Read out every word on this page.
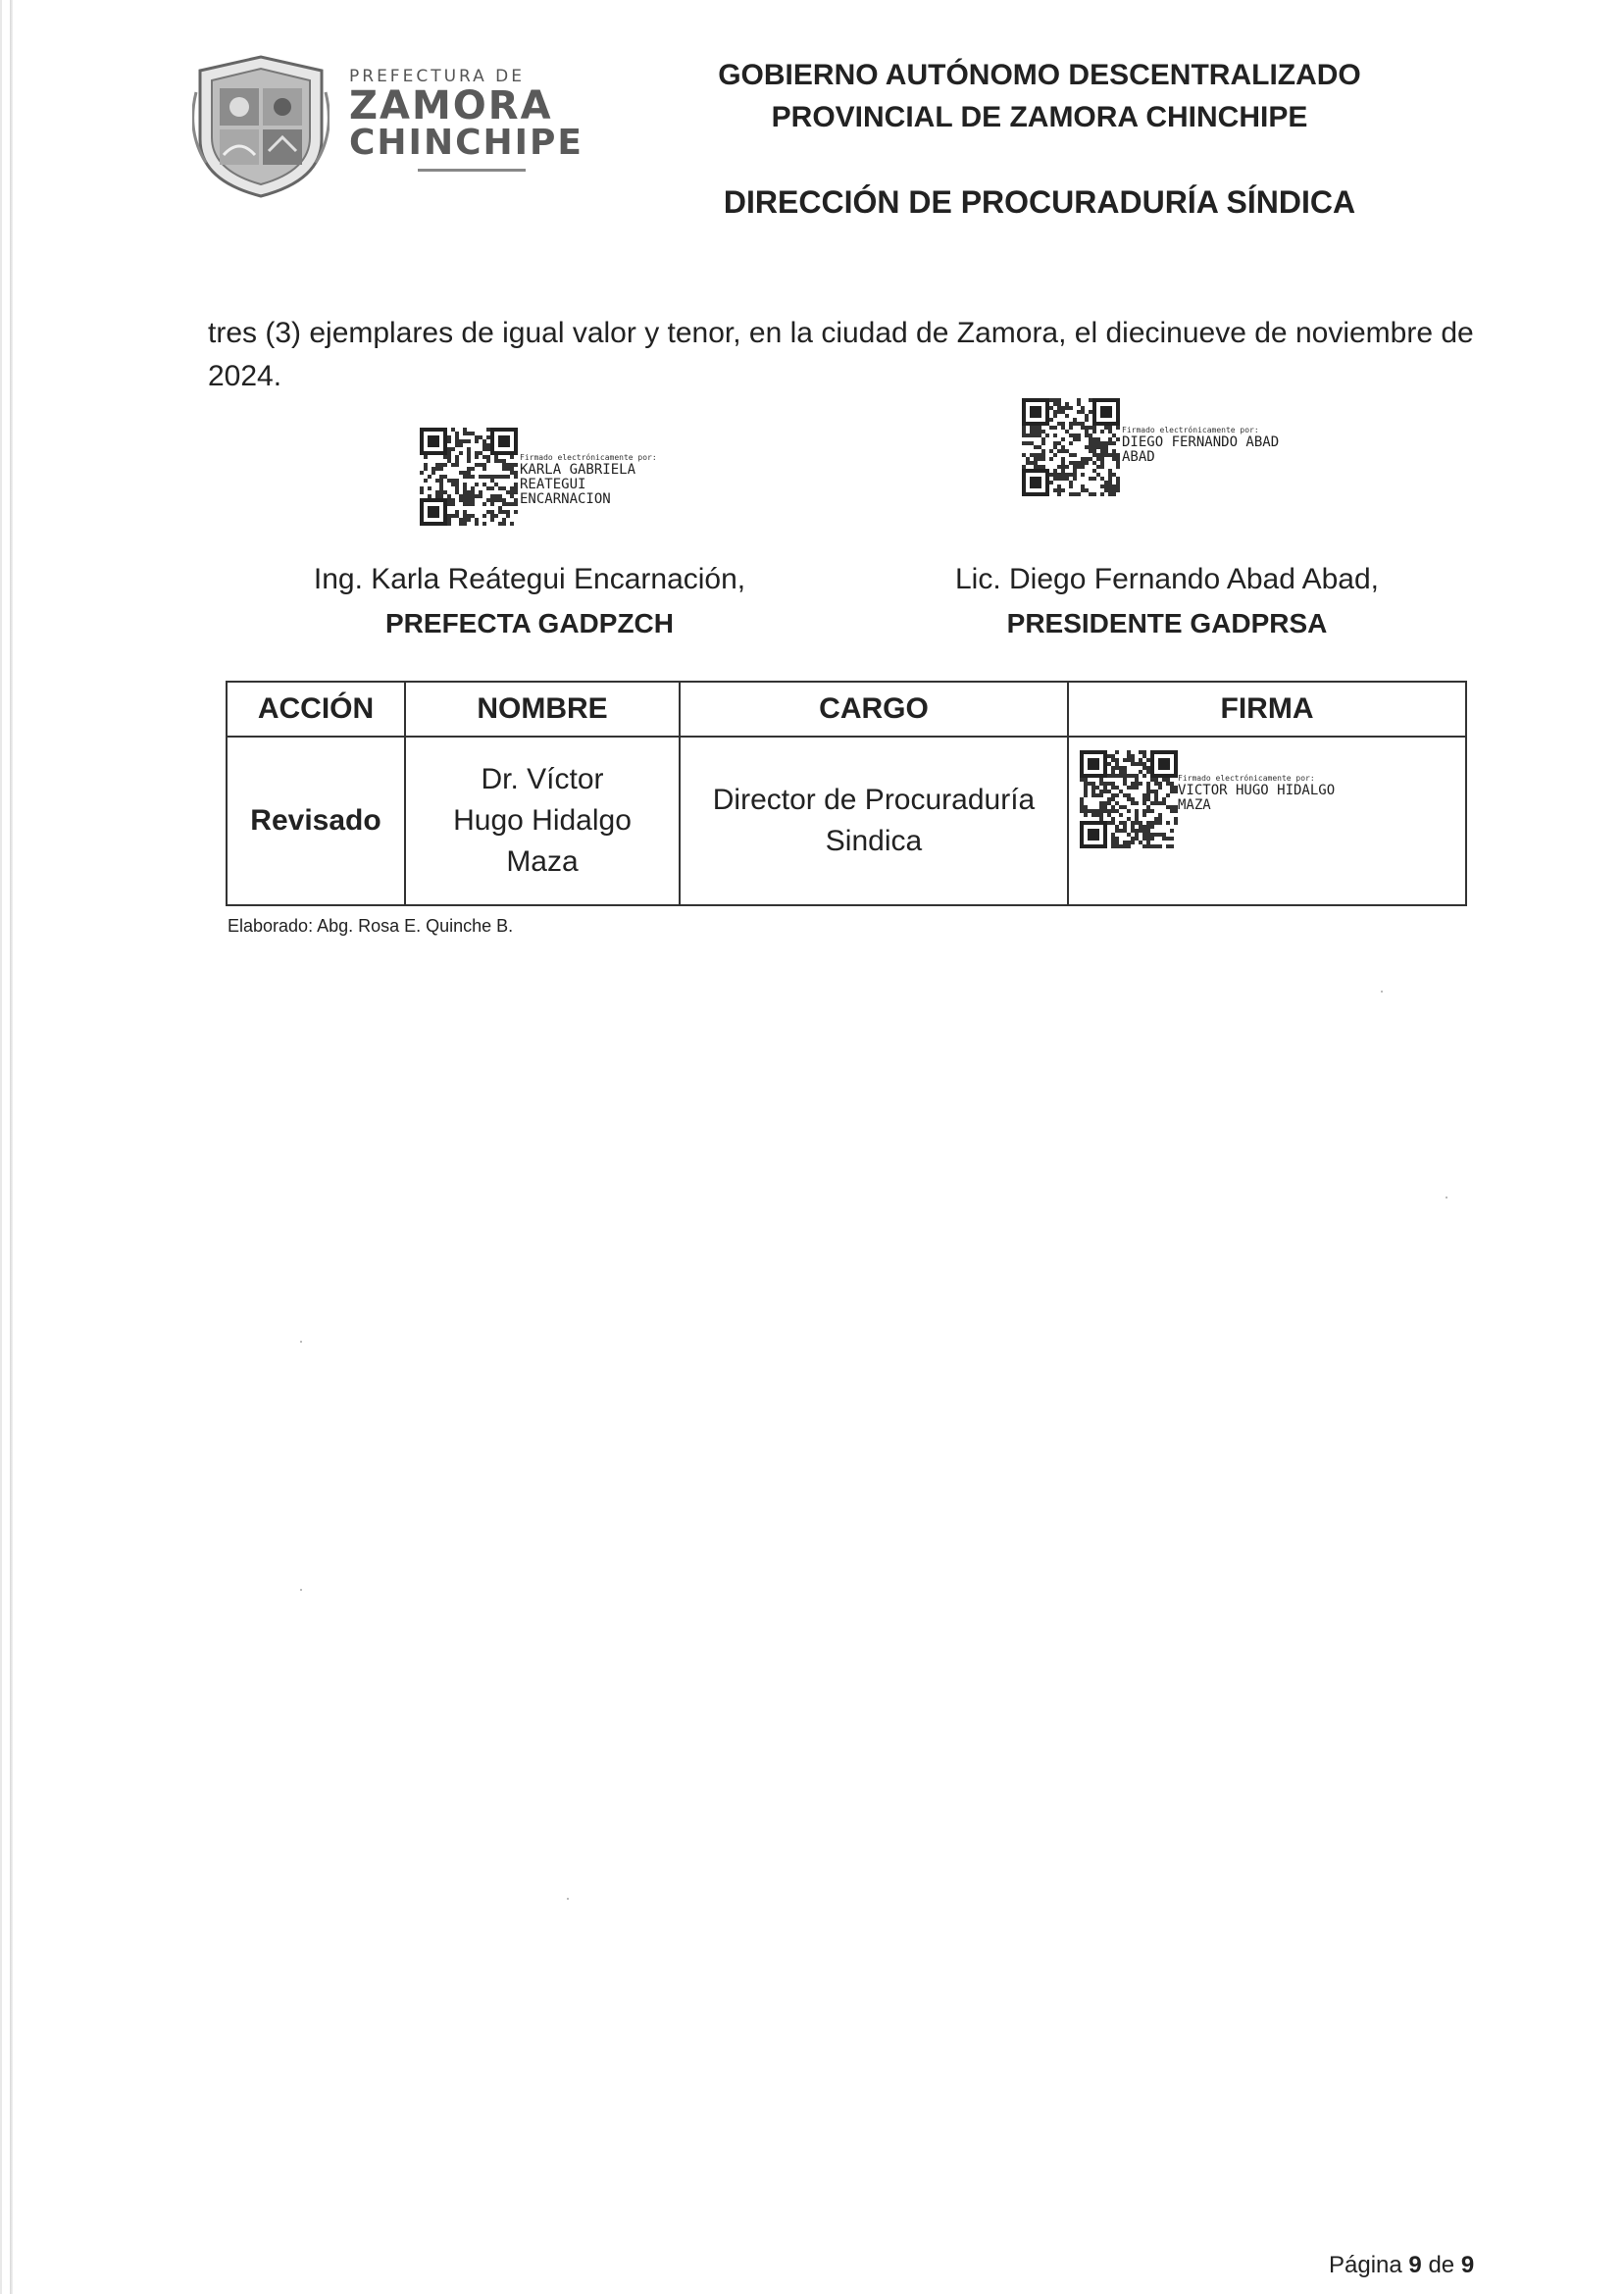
PREFECTURA DE
ZAMORA
CHINCHIPE
GOBIERNO AUTÓNOMO DESCENTRALIZADO
PROVINCIAL DE ZAMORA CHINCHIPE
DIRECCIÓN DE PROCURADURÍA SÍNDICA
tres (3) ejemplares de igual valor y tenor, en la ciudad de Zamora, el diecinueve de noviembre de 2024.
Firmado electrónicamente por:
KARLA GABRIELA
REATEGUI
ENCARNACION
Firmado electrónicamente por:
DIEGO FERNANDO ABAD
ABAD
Ing. Karla Reátegui Encarnación,
PREFECTA GADPZCH
Lic. Diego Fernando Abad Abad,
PRESIDENTE GADPRSA
ACCIÓN	NOMBRE	CARGO	FIRMA
Revisado	Dr. Víctor Hugo Hidalgo Maza	Director de Procuraduría Sindica	Firmado electrónicamente por:
VICTOR HUGO HIDALGO
MAZA
Elaborado: Abg. Rosa E. Quinche B.
Página 9 de 9
